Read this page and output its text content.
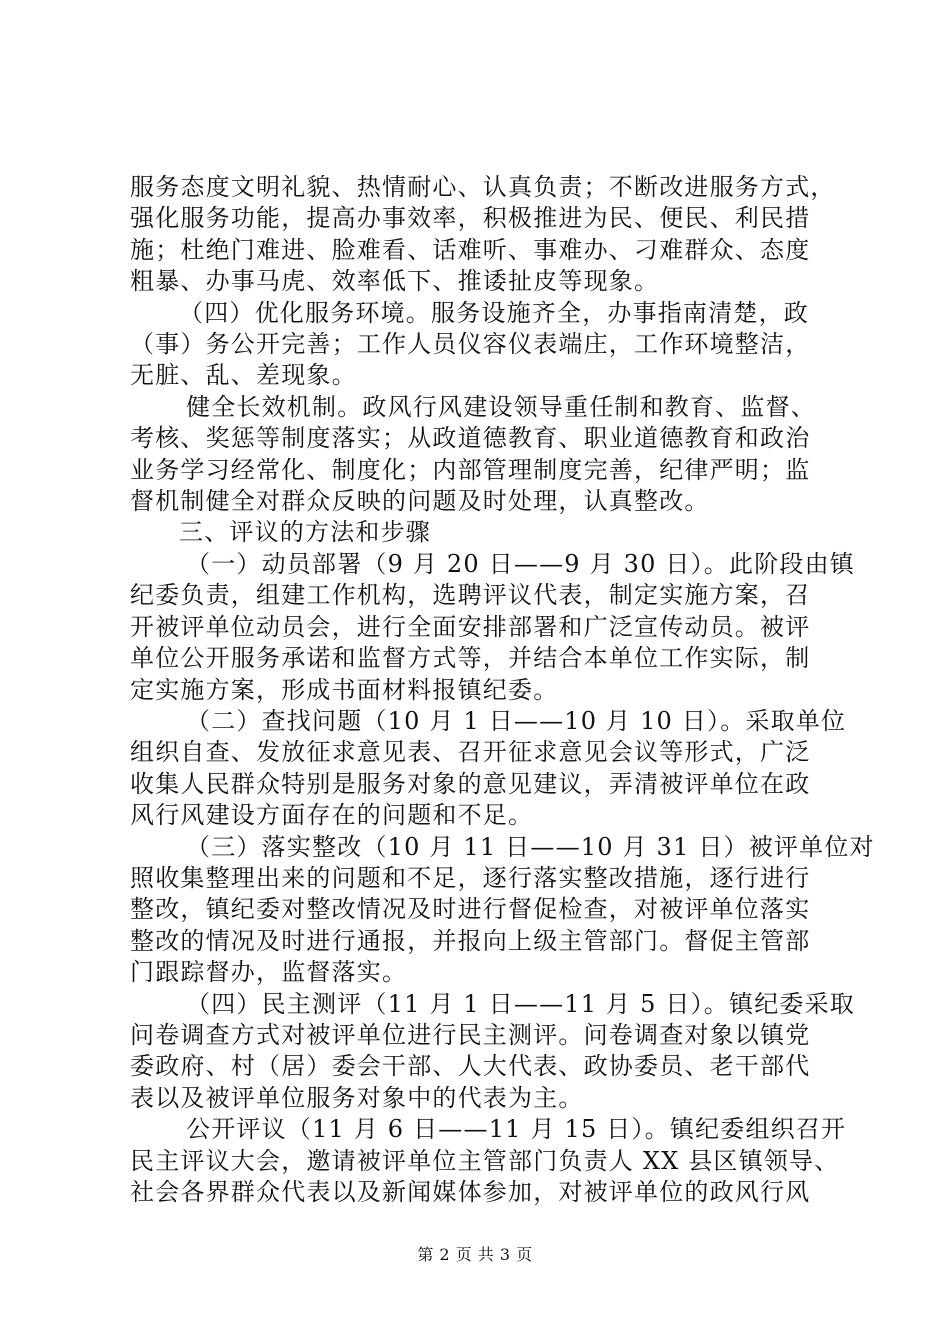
服务态度文明礼貌、热情耐心、认真负责；不断改进服务方式，
强化服务功能，提高办事效率，积极推进为民、便民、利民措
施；杜绝门难进、脸难看、话难听、事难办、刁难群众、态度
粗暴、办事马虎、效率低下、推诿扯皮等现象。

（四）优化服务环境。服务设施齐全，办事指南清楚，政
（事）务公开完善；工作人员仪容仪表端庄，工作环境整洁，
无脏、乱、差现象。

健全长效机制。政风行风建设领导重任制和教育、监督、
考核、奖惩等制度落实；从政道德教育、职业道德教育和政治
业务学习经常化、制度化；内部管理制度完善，纪律严明；监
督机制健全对群众反映的问题及时处理，认真整改。

三、评议的方法和步骤

（一）动员部署（9 月 20 日——9 月 30 日）。此阶段由镇
纪委负责，组建工作机构，选聘评议代表，制定实施方案，召
开被评单位动员会，进行全面安排部署和广泛宣传动员。被评
单位公开服务承诺和监督方式等，并结合本单位工作实际，制
定实施方案，形成书面材料报镇纪委。

（二）查找问题（10 月 1 日——10 月 10 日）。采取单位
组织自查、发放征求意见表、召开征求意见会议等形式，广泛
收集人民群众特别是服务对象的意见建议，弄清被评单位在政
风行风建设方面存在的问题和不足。

（三）落实整改（10 月 11 日——10 月 31 日）被评单位对
照收集整理出来的问题和不足，逐行落实整改措施，逐行进行
整改，镇纪委对整改情况及时进行督促检查，对被评单位落实
整改的情况及时进行通报，并报向上级主管部门。督促主管部
门跟踪督办，监督落实。

（四）民主测评（11 月 1 日——11 月 5 日）。镇纪委采取
问卷调查方式对被评单位进行民主测评。问卷调查对象以镇党
委政府、村（居）委会干部、人大代表、政协委员、老干部代
表以及被评单位服务对象中的代表为主。

公开评议（11 月 6 日——11 月 15 日）。镇纪委组织召开
民主评议大会，邀请被评单位主管部门负责人 XX 县区镇领导、
社会各界群众代表以及新闻媒体参加，对被评单位的政风行风

第 2 页 共 3 页
